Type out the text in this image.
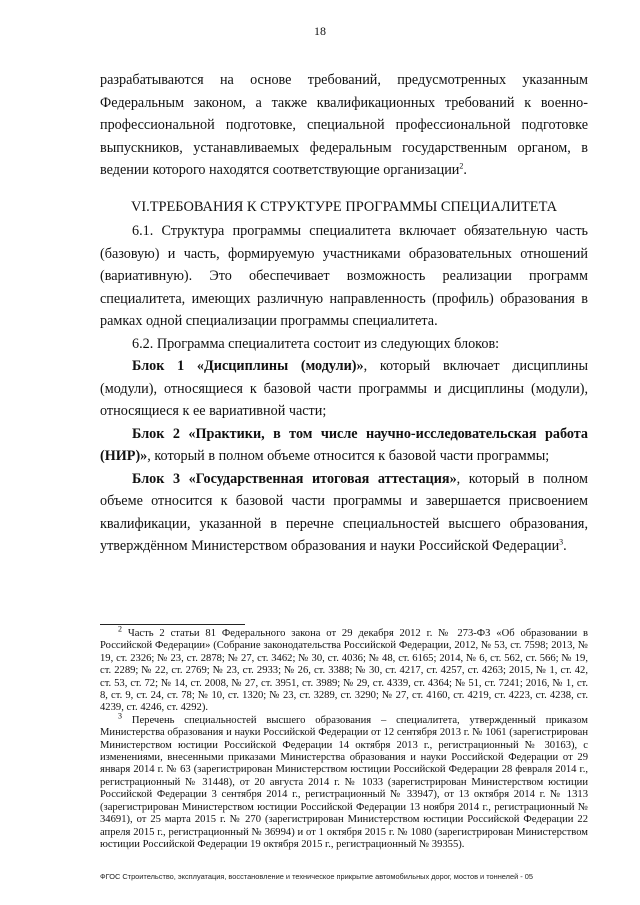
18

разрабатываются на основе требований, предусмотренных указанным Федеральным законом, а также квалификационных требований к военно-профессиональной подготовке, специальной профессиональной подготовке выпускников, устанавливаемых федеральным государственным органом, в ведении которого находятся соответствующие организации$^2$.

VI.ТРЕБОВАНИЯ К СТРУКТУРЕ ПРОГРАММЫ СПЕЦИАЛИТЕТА

6.1. Структура программы специалитета включает обязательную часть (базовую) и часть, формируемую участниками образовательных отношений (вариативную). Это обеспечивает возможность реализации программ специалитета, имеющих различную направленность (профиль) образования в рамках одной специализации программы специалитета.

6.2. Программа специалитета состоит из следующих блоков:

Блок 1 «Дисциплины (модули)», который включает дисциплины (модули), относящиеся к базовой части программы и дисциплины (модули), относящиеся к ее вариативной части;

Блок 2 «Практики, в том числе научно-исследовательская работа (НИР)», который в полном объеме относится к базовой части программы;

Блок 3 «Государственная итоговая аттестация», который в полном объеме относится к базовой части программы и завершается присвоением квалификации, указанной в перечне специальностей высшего образования, утверждённом Министерством образования и науки Российской Федерации$^3$.

$^2$ Часть 2 статьи 81 Федерального закона от 29 декабря 2012 г. № 273-ФЗ «Об образовании в Российской Федерации» (Собрание законодательства Российской Федерации, 2012, № 53, ст. 7598; 2013, № 19, ст. 2326; № 23, ст. 2878; № 27, ст. 3462; № 30, ст. 4036; № 48, ст. 6165; 2014, № 6, ст. 562, ст. 566; № 19, ст. 2289; № 22, ст. 2769; № 23, ст. 2933; № 26, ст. 3388; № 30, ст. 4217, ст. 4257, ст. 4263; 2015, № 1, ст. 42, ст. 53, ст. 72; № 14, ст. 2008, № 27, ст. 3951, ст. 3989; № 29, ст. 4339, ст. 4364; № 51, ст. 7241; 2016, № 1, ст. 8, ст. 9, ст. 24, ст. 78; № 10, ст. 1320; № 23, ст. 3289, ст. 3290; № 27, ст. 4160, ст. 4219, ст. 4223, ст. 4238, ст. 4239, ст. 4246, ст. 4292).

$^3$ Перечень специальностей высшего образования – специалитета, утвержденный приказом Министерства образования и науки Российской Федерации от 12 сентября 2013 г. № 1061 (зарегистрирован Министерством юстиции Российской Федерации 14 октября 2013 г., регистрационный № 30163), с изменениями, внесенными приказами Министерства образования и науки Российской Федерации от 29 января 2014 г. № 63 (зарегистрирован Министерством юстиции Российской Федерации 28 февраля 2014 г., регистрационный № 31448), от 20 августа 2014 г. № 1033 (зарегистрирован Министерством юстиции Российской Федерации 3 сентября 2014 г., регистрационный № 33947), от 13 октября 2014 г. № 1313 (зарегистрирован Министерством юстиции Российской Федерации 13 ноября 2014 г., регистрационный № 34691), от 25 марта 2015 г. № 270 (зарегистрирован Министерством юстиции Российской Федерации 22 апреля 2015 г., регистрационный № 36994) и от 1 октября 2015 г. № 1080 (зарегистрирован Министерством юстиции Российской Федерации 19 октября 2015 г., регистрационный № 39355).

ФГОС Строительство, эксплуатация, восстановление и техническое прикрытие автомобильных дорог, мостов и тоннелей - 05
